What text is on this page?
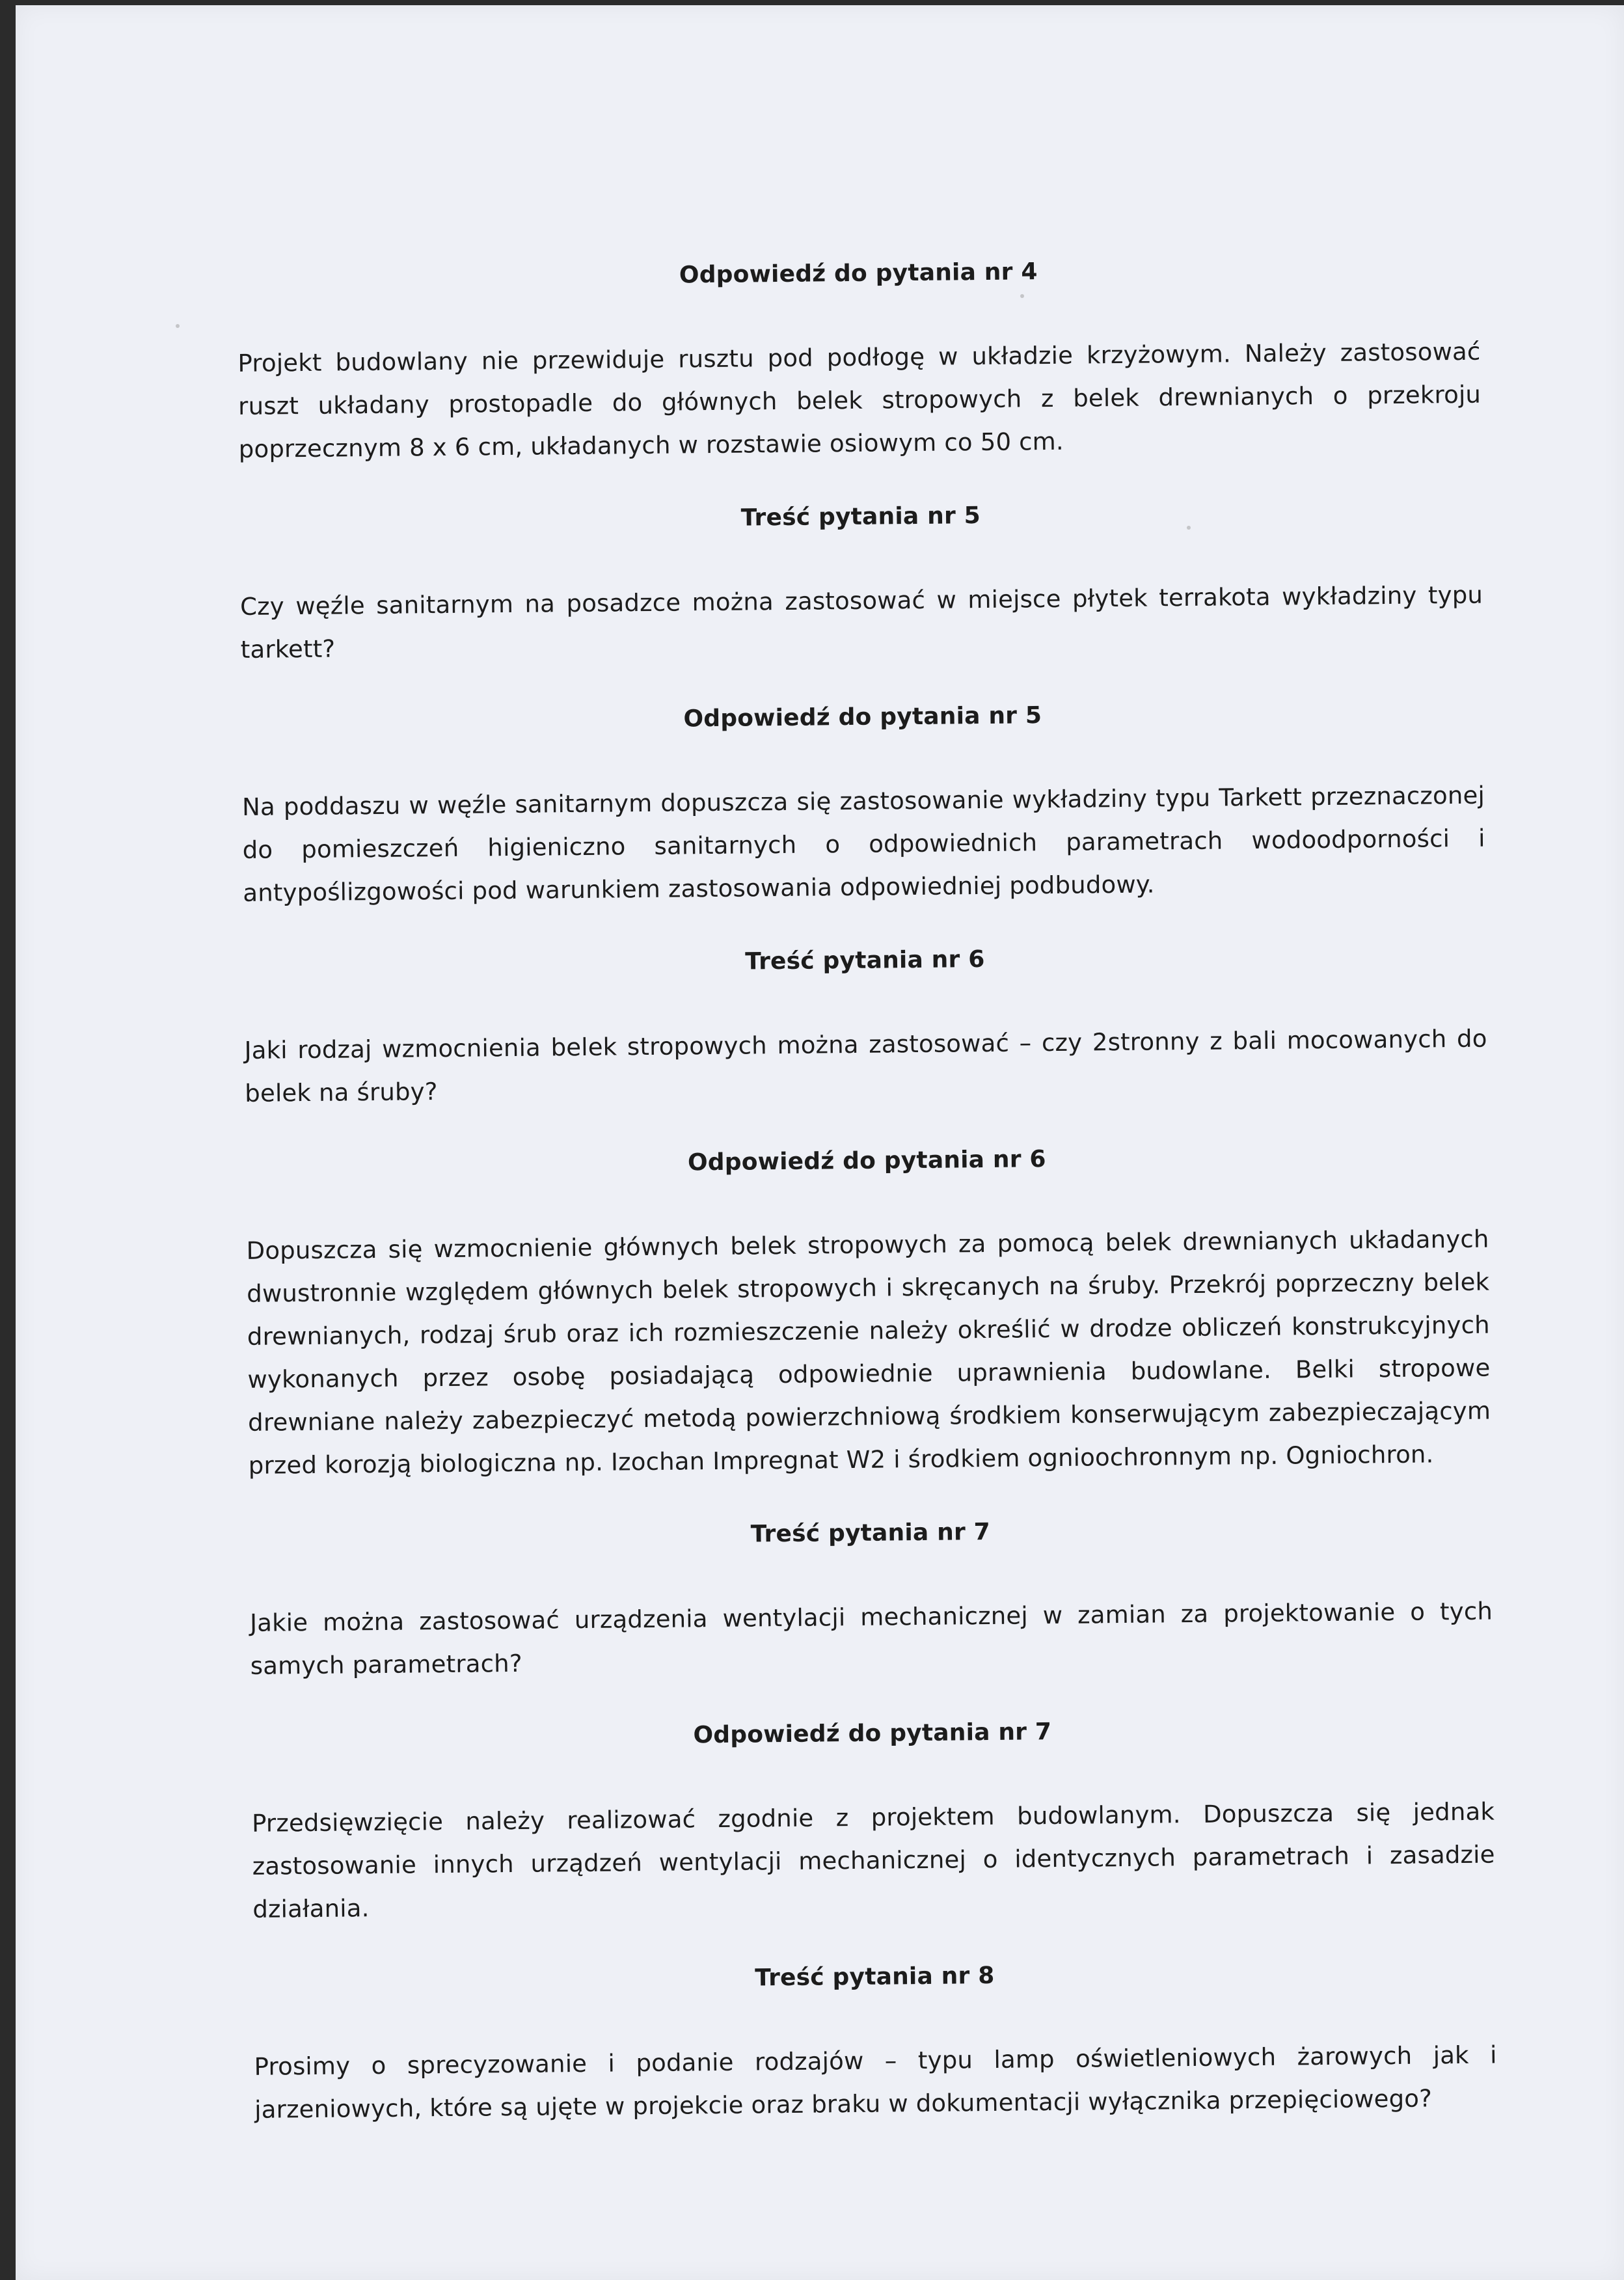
Odpowiedź do pytania nr 4

Projekt budowlany nie przewiduje rusztu pod podłogę w układzie krzyżowym. Należy zastosować ruszt układany prostopadle do głównych belek stropowych z belek drewnianych o przekroju poprzecznym 8 x 6 cm, układanych w rozstawie osiowym co 50 cm.

Treść pytania nr 5

Czy węźle sanitarnym na posadzce można zastosować w miejsce płytek terrakota wykładziny typu tarkett?

Odpowiedź do pytania nr 5

Na poddaszu w węźle sanitarnym dopuszcza się zastosowanie wykładziny typu Tarkett przeznaczonej do pomieszczeń higieniczno sanitarnych o odpowiednich parametrach wodoodporności i antypoślizgowości pod warunkiem zastosowania odpowiedniej podbudowy.

Treść pytania nr 6

Jaki rodzaj wzmocnienia belek stropowych można zastosować – czy 2stronny z bali mocowanych do belek na śruby?

Odpowiedź do pytania nr 6

Dopuszcza się wzmocnienie głównych belek stropowych za pomocą belek drewnianych układanych dwustronnie względem głównych belek stropowych i skręcanych na śruby. Przekrój poprzeczny belek drewnianych, rodzaj śrub oraz ich rozmieszczenie należy określić w drodze obliczeń konstrukcyjnych wykonanych przez osobę posiadającą odpowiednie uprawnienia budowlane. Belki stropowe drewniane należy zabezpieczyć metodą powierzchniową środkiem konserwującym zabezpieczającym przed korozją biologiczna np. Izochan Impregnat W2 i środkiem ognioochronnym np. Ogniochron.

Treść pytania nr 7

Jakie można zastosować urządzenia wentylacji mechanicznej w zamian za projektowanie o tych samych parametrach?

Odpowiedź do pytania nr 7

Przedsięwzięcie należy realizować zgodnie z projektem budowlanym. Dopuszcza się jednak zastosowanie innych urządzeń wentylacji mechanicznej o identycznych parametrach i zasadzie działania.

Treść pytania nr 8

Prosimy o sprecyzowanie i podanie rodzajów – typu lamp oświetleniowych żarowych jak i jarzeniowych, które są ujęte w projekcie oraz braku w dokumentacji wyłącznika przepięciowego?
